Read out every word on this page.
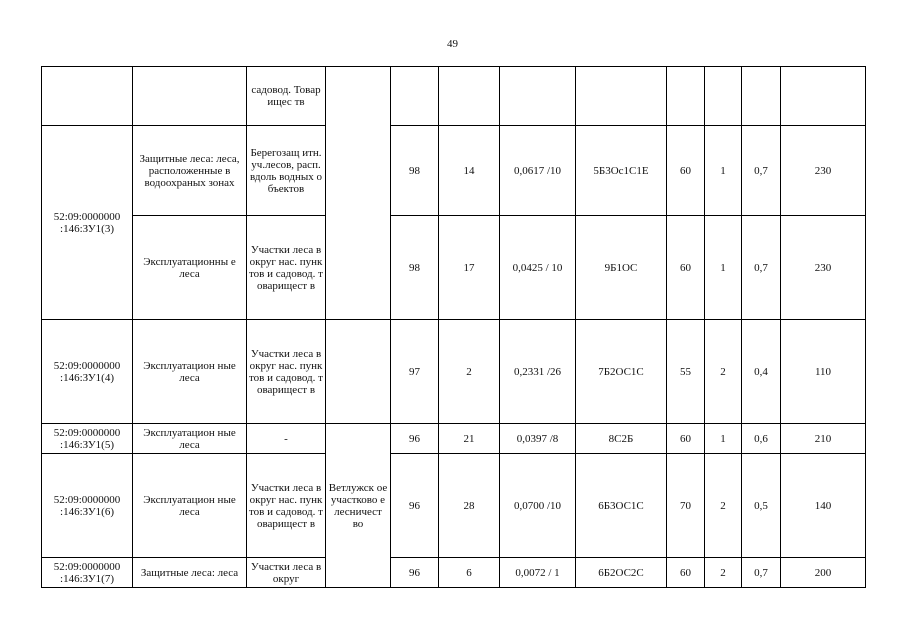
49
		садовод. Товарищес тв									
52:09:0000000 :146:ЗУ1(3)	Защитные леса: леса, расположенные в водоохраных зонах	Берегозащ итн. уч.лесов, расп.вдоль водных объектов		98	14	0,0617 /10	5Б3Ос1С1Е	60	1	0,7	230
	Эксплуатационны е леса	Участки леса вокруг нас. пунктов и садовод. товарищест в		98	17	0,0425 / 10	9Б1ОС	60	1	0,7	230
52:09:0000000 :146:ЗУ1(4)	Эксплуатацион ные леса	Участки леса вокруг нас. пунктов и садовод. товарищест в		97	2	0,2331 /26	7Б2ОС1С	55	2	0,4	110
52:09:0000000 :146:ЗУ1(5)	Эксплуатацион ные леса	-	Ветлужск ое участково е лесничест во	96	21	0,0397 /8	8С2Б	60	1	0,6	210
52:09:0000000 :146:ЗУ1(6)	Эксплуатацион ные леса	Участки леса вокруг нас. пунктов и садовод. товарищест в		96	28	0,0700 /10	6Б3ОС1С	70	2	0,5	140
52:09:0000000 :146:ЗУ1(7)	Защитные леса: леса	Участки леса вокруг		96	6	0,0072 / 1	6Б2ОС2С	60	2	0,7	200
